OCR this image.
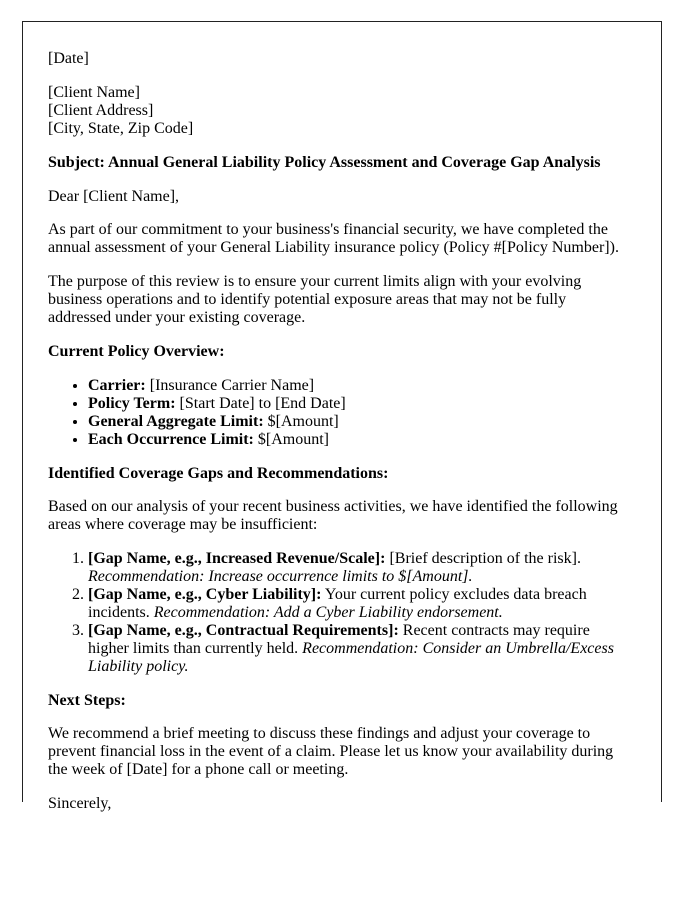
[Date]

[Client Name]
[Client Address]
[City, State, Zip Code]

Subject: Annual General Liability Policy Assessment and Coverage Gap Analysis

Dear [Client Name],

As part of our commitment to your business's financial security, we have completed the annual assessment of your General Liability insurance policy (Policy #[Policy Number]).

The purpose of this review is to ensure your current limits align with your evolving business operations and to identify potential exposure areas that may not be fully addressed under your existing coverage.

Current Policy Overview:

• Carrier: [Insurance Carrier Name]
• Policy Term: [Start Date] to [End Date]
• General Aggregate Limit: $[Amount]
• Each Occurrence Limit: $[Amount]

Identified Coverage Gaps and Recommendations:

Based on our analysis of your recent business activities, we have identified the following areas where coverage may be insufficient:

1. [Gap Name, e.g., Increased Revenue/Scale]: [Brief description of the risk]. Recommendation: Increase occurrence limits to $[Amount].
2. [Gap Name, e.g., Cyber Liability]: Your current policy excludes data breach incidents. Recommendation: Add a Cyber Liability endorsement.
3. [Gap Name, e.g., Contractual Requirements]: Recent contracts may require higher limits than currently held. Recommendation: Consider an Umbrella/Excess Liability policy.

Next Steps:

We recommend a brief meeting to discuss these findings and adjust your coverage to prevent financial loss in the event of a claim. Please let us know your availability during the week of [Date] for a phone call or meeting.

Sincerely,
